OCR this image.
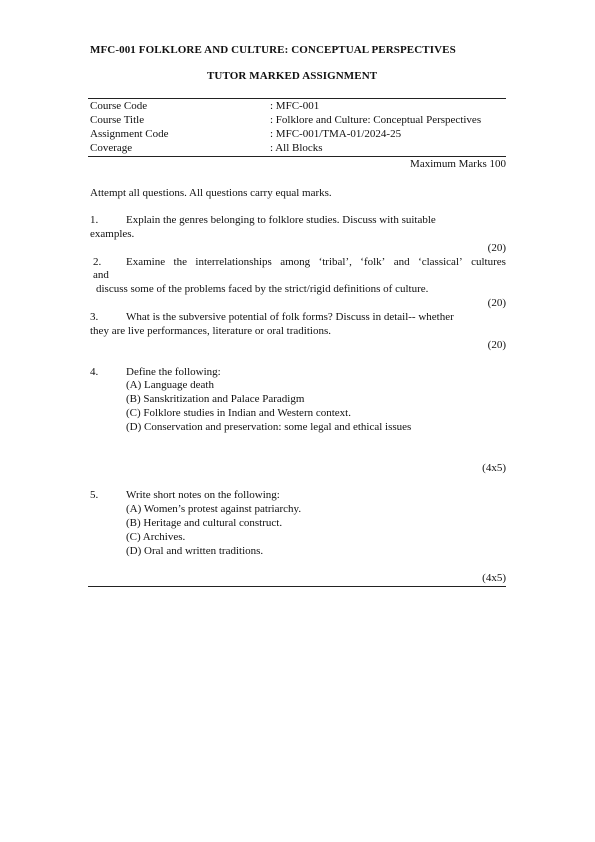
MFC-001 FOLKLORE AND CULTURE: CONCEPTUAL PERSPECTIVES
TUTOR MARKED ASSIGNMENT
Course Code	: MFC-001
Course Title	: Folklore and Culture: Conceptual Perspectives
Assignment Code	: MFC-001/TMA-01/2024-25
Coverage	: All Blocks
Maximum Marks 100
Attempt all questions. All questions carry equal marks.
1.	Explain the genres belonging to folklore studies. Discuss with suitable
examples.
(20)
2. Examine the interrelationships among ‘tribal’, ‘folk’ and ‘classical’ cultures
and
discuss some of the problems faced by the strict/rigid definitions of culture.
(20)
3.	What is the subversive potential of folk forms? Discuss in detail-- whether
they are live performances, literature or oral traditions.
(20)
4.	Define the following:
(A) Language death
(B) Sanskritization and Palace Paradigm
(C) Folklore studies in Indian and Western context.
(D) Conservation and preservation: some legal and ethical issues
(4x5)
5.	Write short notes on the following:
(A) Women’s protest against patriarchy.
(B) Heritage and cultural construct.
(C) Archives.
(D) Oral and written traditions.
(4x5)
